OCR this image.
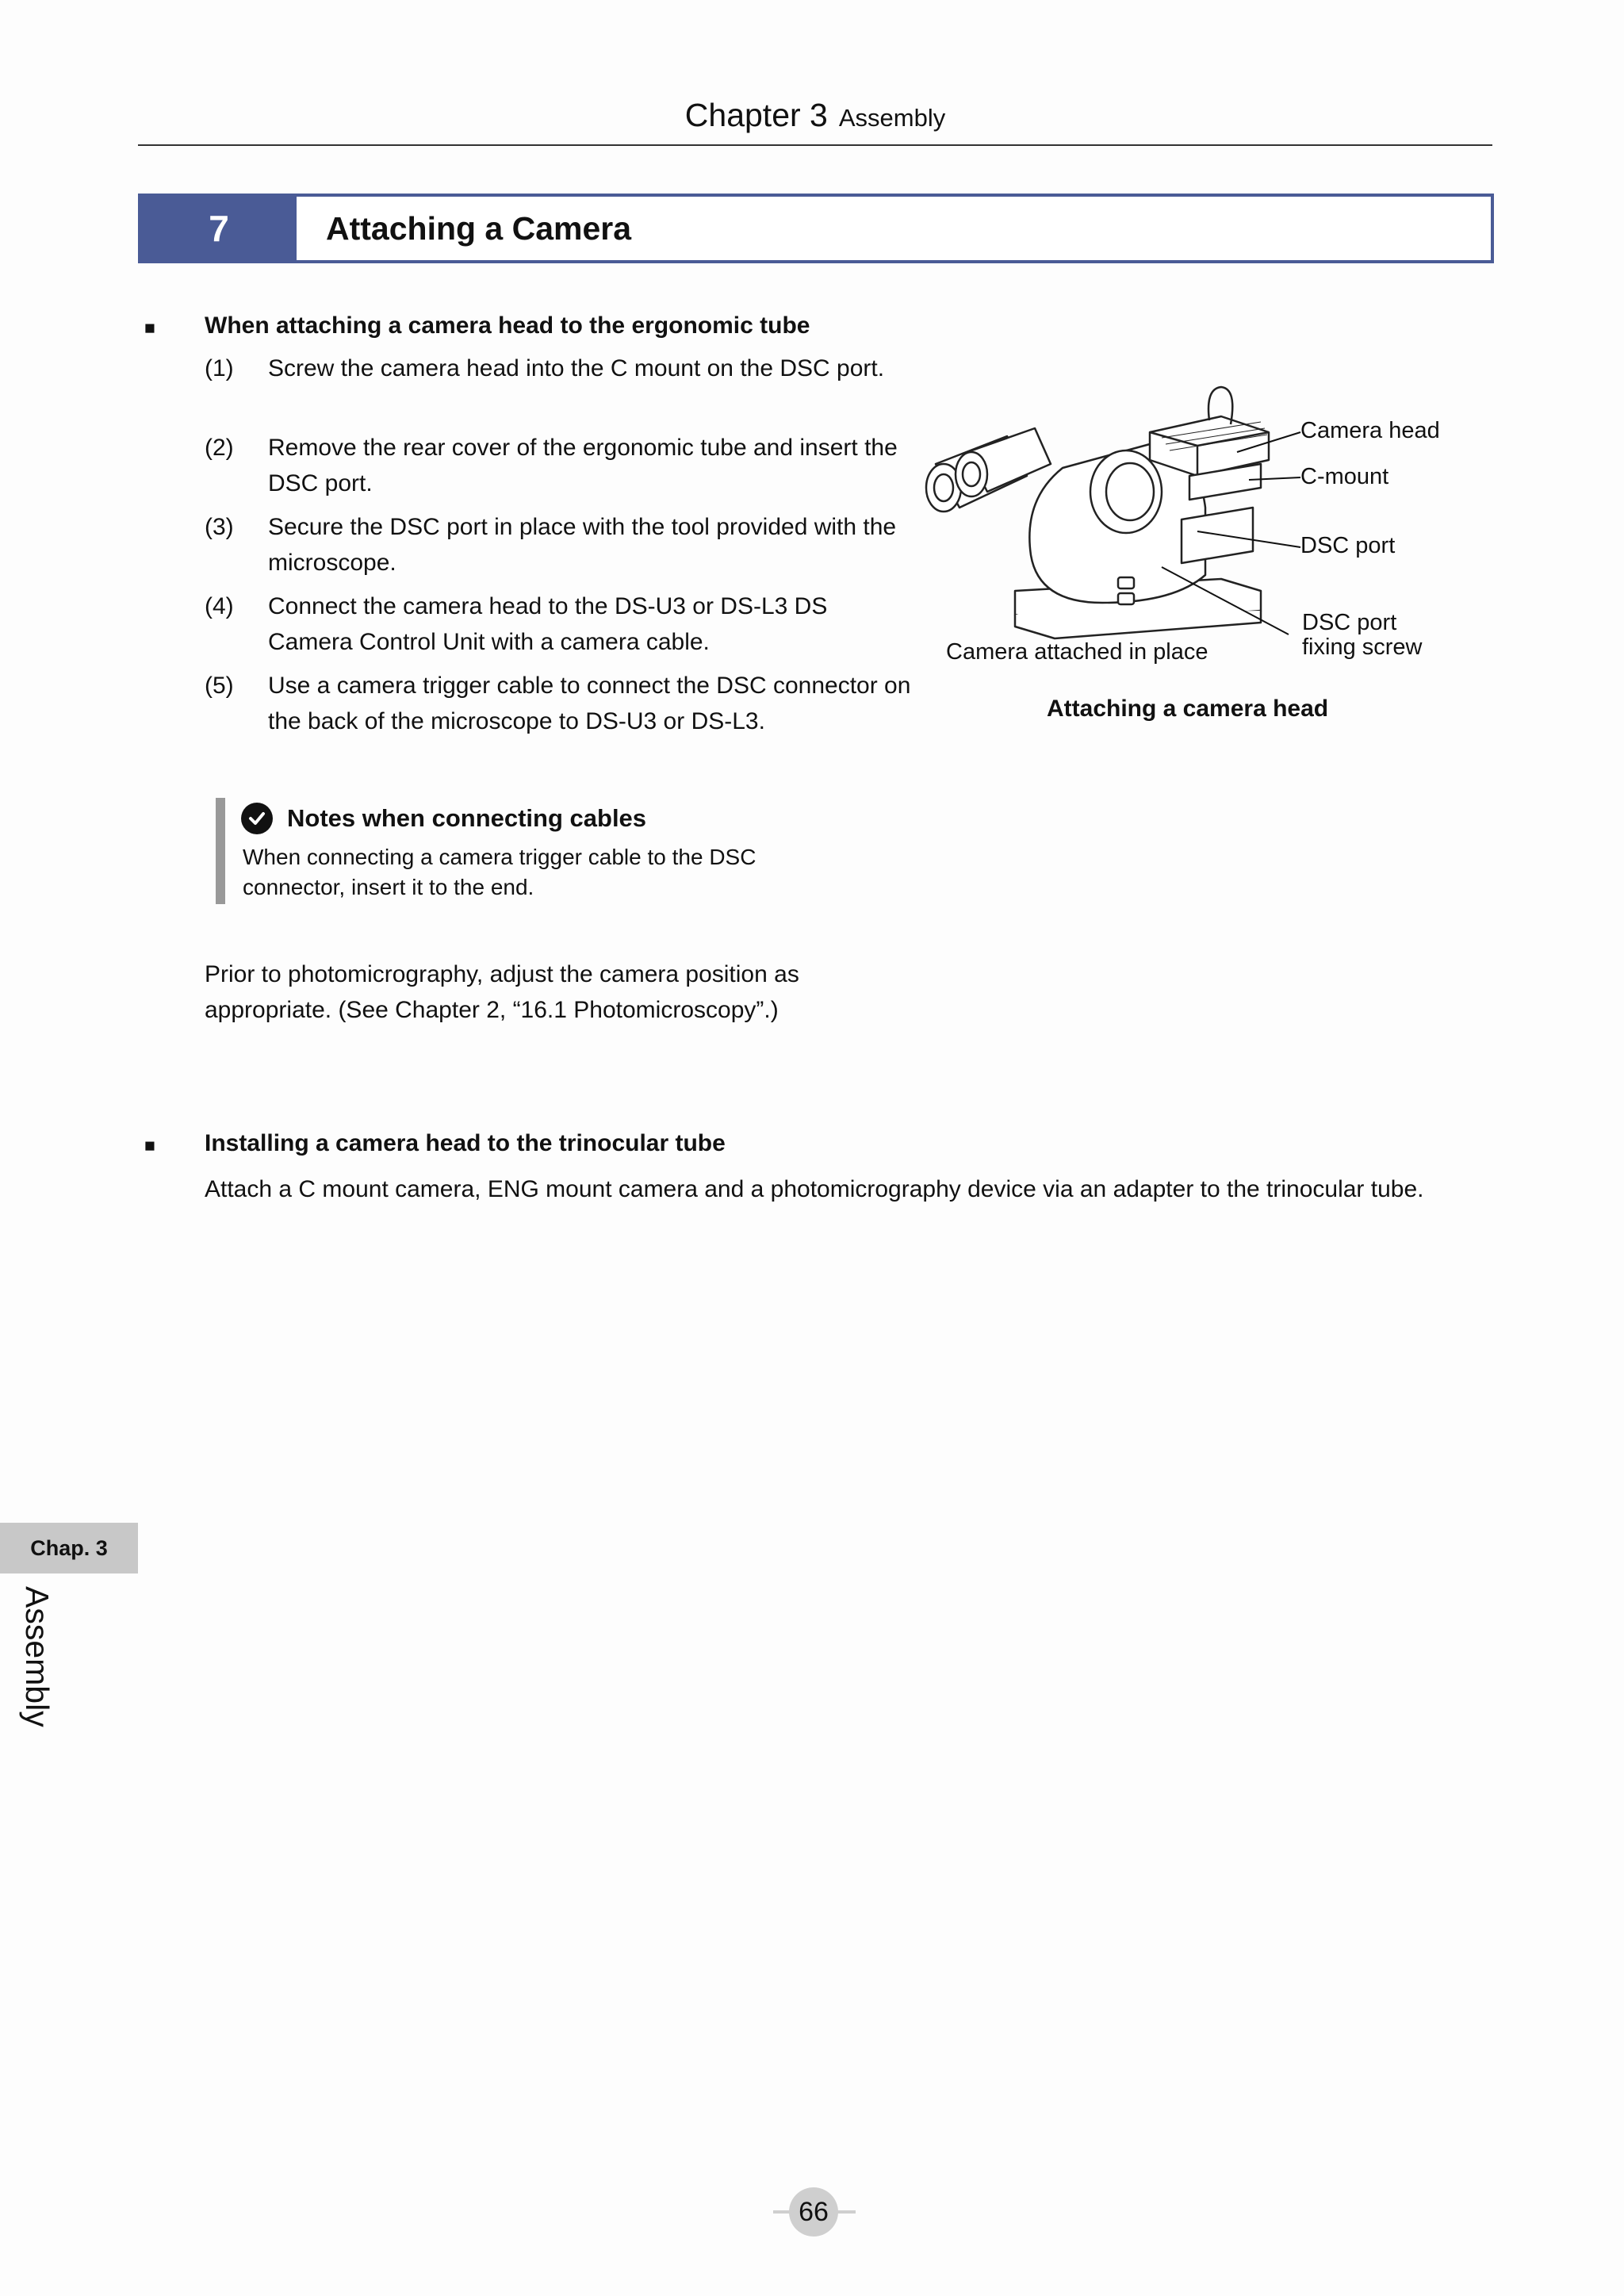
Chapter 3 Assembly
7	Attaching a Camera
■ When attaching a camera head to the ergonomic tube
(1) Screw the camera head into the C mount on the DSC port.
(2) Remove the rear cover of the ergonomic tube and insert the DSC port.
(3) Secure the DSC port in place with the tool provided with the microscope.
(4) Connect the camera head to the DS-U3 or DS-L3 DS Camera Control Unit with a camera cable.
(5) Use a camera trigger cable to connect the DSC connector on the back of the microscope to DS-U3 or DS-L3.
Notes when connecting cables
When connecting a camera trigger cable to the DSC connector, insert it to the end.
Prior to photomicrography, adjust the camera position as appropriate. (See Chapter 2, “16.1 Photomicroscopy”.)
Camera head
C-mount
DSC port
DSC port
fixing screw
Camera attached in place
Attaching a camera head
■ Installing a camera head to the trinocular tube
Attach a C mount camera, ENG mount camera and a photomicrography device via an adapter to the trinocular tube.
Chap. 3
Assembly
66
